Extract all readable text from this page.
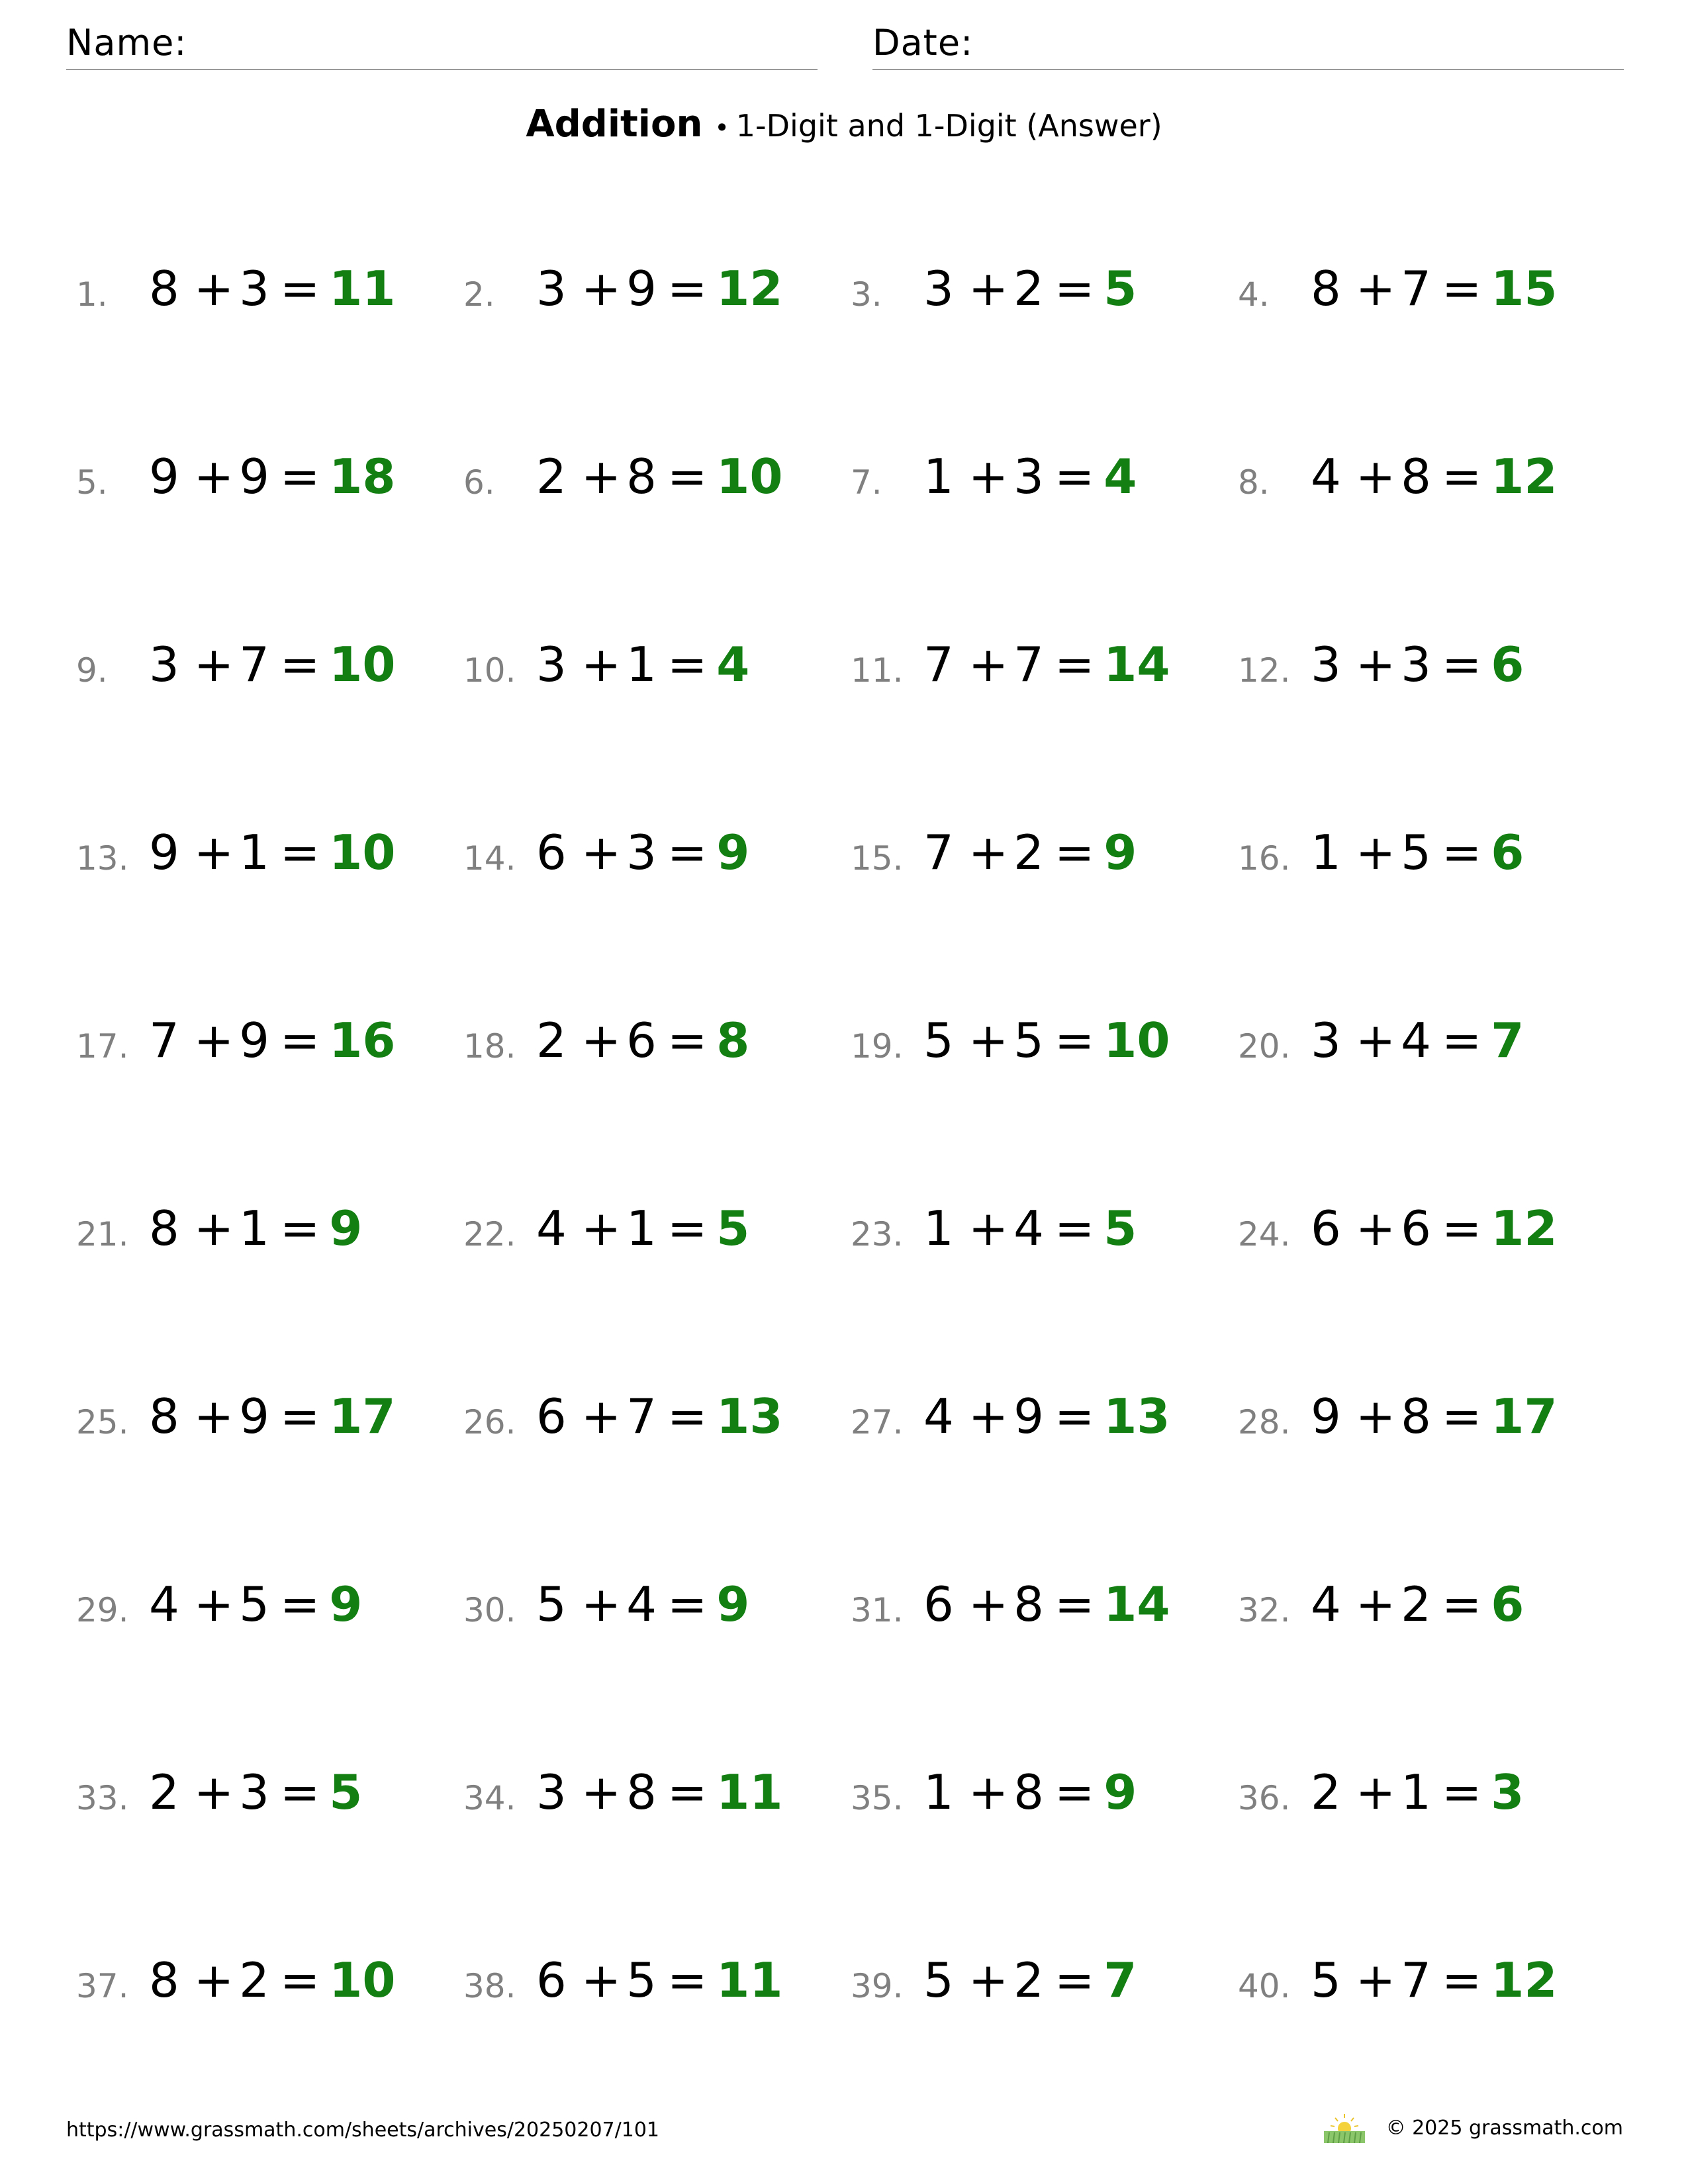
Name:	Date:
Addition • 1-Digit and 1-Digit (Answer)
1. 8 + 3 = 11 2. 3 + 9 = 12 3. 3 + 2 = 5	4. 8 + 7 = 15
5. 9 + 9 = 18 6. 2 + 8 = 10 7. 1 + 3 = 4	8. 4 + 8 = 12
9. 3 + 7 = 10 10. 3 + 1 = 4	11. 7 + 7 = 14 12. 3 + 3 = 6
13. 9 + 1 = 10 14. 6 + 3 = 9	15. 7 + 2 = 9	16. 1 + 5 = 6
17. 7 + 9 = 16 18. 2 + 6 = 8	19. 5 + 5 = 10 20. 3 + 4 = 7
21. 8 + 1 = 9	22. 4 + 1 = 5	23. 1 + 4 = 5	24. 6 + 6 = 12
25. 8 + 9 = 17 26. 6 + 7 = 13 27. 4 + 9 = 13 28. 9 + 8 = 17
29. 4 + 5 = 9	30. 5 + 4 = 9	31. 6 + 8 = 14 32. 4 + 2 = 6
33. 2 + 3 = 5	34. 3 + 8 = 11 35. 1 + 8 = 9	36. 2 + 1 = 3
37. 8 + 2 = 10 38. 6 + 5 = 11 39. 5 + 2 = 7	40. 5 + 7 = 12
https://www.grassmath.com/sheets/archives/20250207/101	© 2025 grassmath.com
